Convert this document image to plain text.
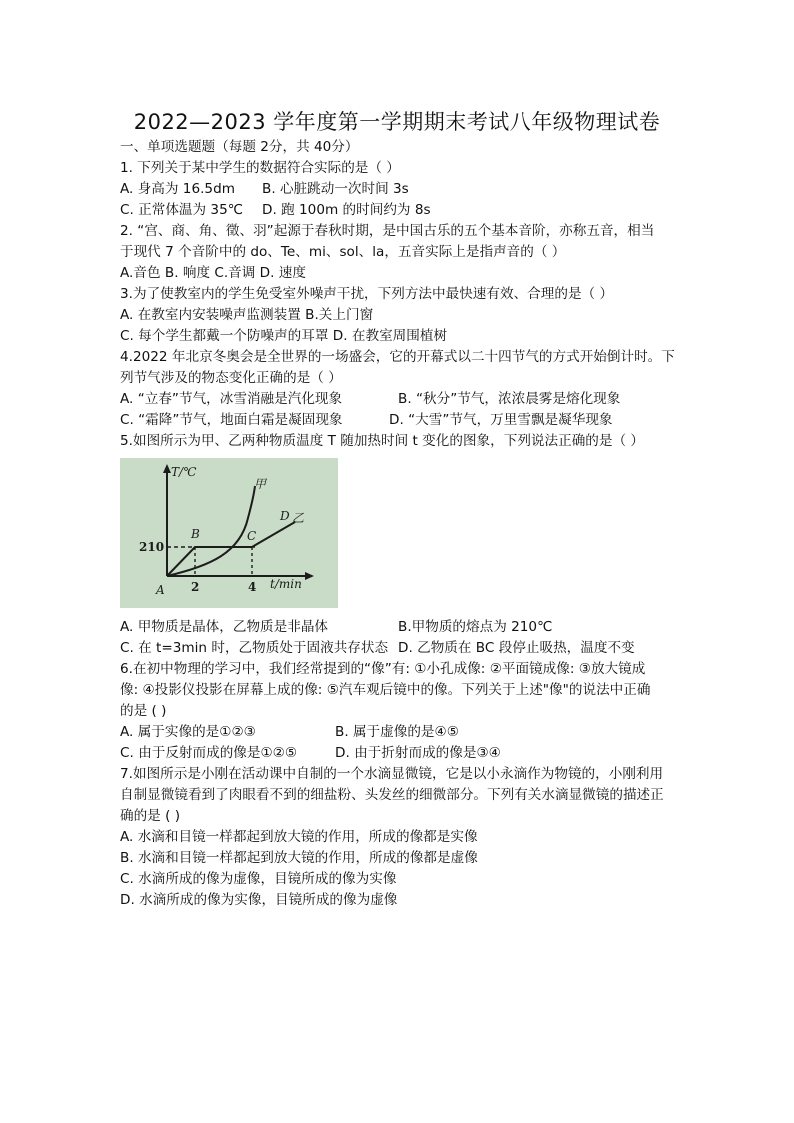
2022—2023 学年度第一学期期末考试八年级物理试卷
一、单项选题题（每题 2分，共 40分）
1. 下列关于某中学生的数据符合实际的是（ ）
A. 身高为 16.5dm B. 心脏跳动一次时间 3s
C. 正常体温为 35℃ D. 跑 100m 的时间约为 8s
2. “宫、商、角、徵、羽”起源于春秋时期，是中国古乐的五个基本音阶，亦称五音，相当
于现代 7 个音阶中的 do、Te、mi、sol、la，五音实际上是指声音的（ ）
A.音色 B. 响度 C.音调 D. 速度
3.为了使教室内的学生免受室外噪声干扰，下列方法中最快速有效、合理的是（ ）
A. 在教室内安装噪声监测装置 B.关上门窗
C. 每个学生都戴一个防噪声的耳罩 D. 在教室周围植树
4.2022 年北京冬奥会是全世界的一场盛会，它的开幕式以二十四节气的方式开始倒计时。下
列节气涉及的物态变化正确的是（ ）
A. “立春”节气，冰雪消融是汽化现象	B. “秋分”节气，浓浓晨雾是熔化现象
C. “霜降”节气，地面白霜是凝固现象	D. “大雪”节气，万里雪飘是凝华现象
5.如图所示为甲、乙两种物质温度 T 随加热时间 t 变化的图象，下列说法正确的是（ ）
T/℃
t/min
210
2	4
A
B	C
D
甲
乙
A. 甲物质是晶体，乙物质是非晶体	B.甲物质的熔点为 210℃
C. 在 t=3min 时，乙物质处于固液共存状态 D. 乙物质在 BC 段停止吸热，温度不变
6.在初中物理的学习中，我们经常提到的“像”有: ①小孔成像: ②平面镜成像: ③放大镜成
像: ④投影仪投影在屏幕上成的像: ⑤汽车观后镜中的像。下列关于上述"像"的说法中正确
的是 ( )
A. 属于实像的是①②③	B. 属于虚像的是④⑤
C. 由于反射而成的像是①②⑤	D. 由于折射而成的像是③④
7.如图所示是小刚在活动课中自制的一个水滴显微镜，它是以小永滴作为物镜的，小刚利用
自制显微镜看到了肉眼看不到的细盐粉、头发丝的细微部分。下列有关水滴显微镜的描述正
确的是 ( )
A. 水滴和目镜一样都起到放大镜的作用，所成的像都是实像
B. 水滴和目镜一样都起到放大镜的作用，所成的像都是虚像
C. 水滴所成的像为虚像，目镜所成的像为实像
D. 水滴所成的像为实像，目镜所成的像为虚像
